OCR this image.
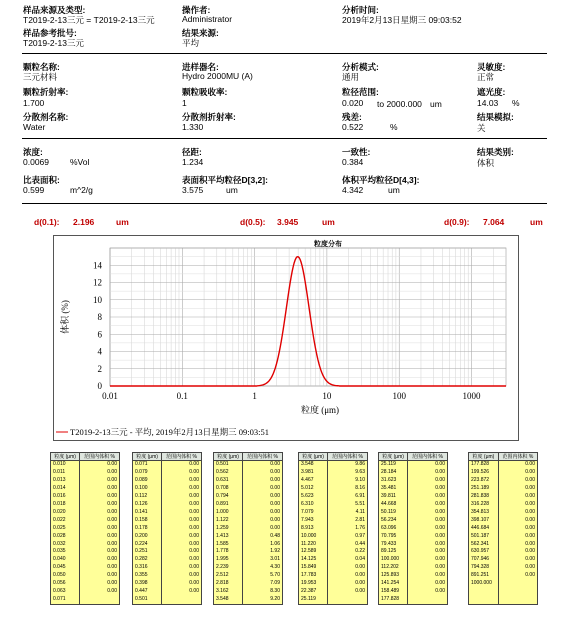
样品来源及类型:
T2019-2-13三元 = T2019-2-13三元
操作者:
Administrator
分析时间:
2019年2月13日星期三 09:03:52
样品参考批号:
T2019-2-13三元
结果来源:
平均
颗粒名称:
三元材料
进样器名:
Hydro 2000MU (A)
分析模式:
通用
灵敏度:
正常
颗粒折射率:
1.700
颗粒吸收率:
1
粒径范围:
0.020 to 2000.000 um
遮光度:
14.03 %
分散剂名称:
Water
分散剂折射率:
1.330
残差:
0.522	%
结果模拟:
关
浓度:
0.0069 %Vol
径距:
1.234
一致性:
0.384
结果类别:
体积
比表面积:
0.599	m^2/g
表面积平均粒径D[3,2]:
3.575	um
体积平均粒径D[4,3]:
4.342	um
d(0.1): 2.196	um	d(0.5): 3.945	um	d(0.9): 7.064	um
0
2
4
6
8
10
12
14
0.01	0.1	1	10	100	1000
粒度分布
粒度 (μm)
体积 (%)
T2019-2-13三元 - 平均, 2019年2月13日星期三 09:03:51
粒度 (μm)	范围内体积 %
0.010	0.00
0.011	0.00
0.013	0.00
0.014	0.00
0.016	0.00
0.018	0.00
0.020	0.00
0.022	0.00
0.025	0.00
0.028	0.00
0.032	0.00
0.035	0.00
0.040	0.00
0.045	0.00
0.050	0.00
0.056	0.00
0.063	0.00
0.071	
粒度 (μm)	范围内体积 %
0.071	0.00
0.079	0.00
0.089	0.00
0.100	0.00
0.112	0.00
0.126	0.00
0.141	0.00
0.158	0.00
0.178	0.00
0.200	0.00
0.224	0.00
0.251	0.00
0.282	0.00
0.316	0.00
0.355	0.00
0.398	0.00
0.447	0.00
0.501	
粒度 (μm)	范围内体积 %
0.501	0.00
0.562	0.00
0.631	0.00
0.708	0.00
0.794	0.00
0.891	0.00
1.000	0.00
1.122	0.00
1.259	0.00
1.413	0.48
1.585	1.06
1.778	1.92
1.995	3.01
2.239	4.30
2.512	5.70
2.818	7.09
3.162	8.30
3.548	9.20
粒度 (μm)	范围内体积 %
3.548	9.86
3.981	9.63
4.467	9.10
5.012	8.16
5.623	6.91
6.310	5.51
7.079	4.11
7.943	2.81
8.913	1.76
10.000	0.97
11.220	0.44
12.589	0.22
14.125	0.04
15.849	0.00
17.783	0.00
19.953	0.00
22.387	0.00
25.119	
粒度 (μm)	范围内体积 %
25.119	0.00
28.184	0.00
31.623	0.00
35.481	0.00
39.811	0.00
44.668	0.00
50.119	0.00
56.234	0.00
63.096	0.00
70.795	0.00
79.433	0.00
89.125	0.00
100.000	0.00
112.202	0.00
125.893	0.00
141.254	0.00
158.489	0.00
177.828	
粒度 (μm)	范围内体积 %
177.828	0.00
199.526	0.00
223.872	0.00
251.189	0.00
281.838	0.00
316.228	0.00
354.813	0.00
398.107	0.00
446.684	0.00
501.187	0.00
562.341	0.00
630.957	0.00
707.946	0.00
794.328	0.00
891.251	0.00
1000.000	
